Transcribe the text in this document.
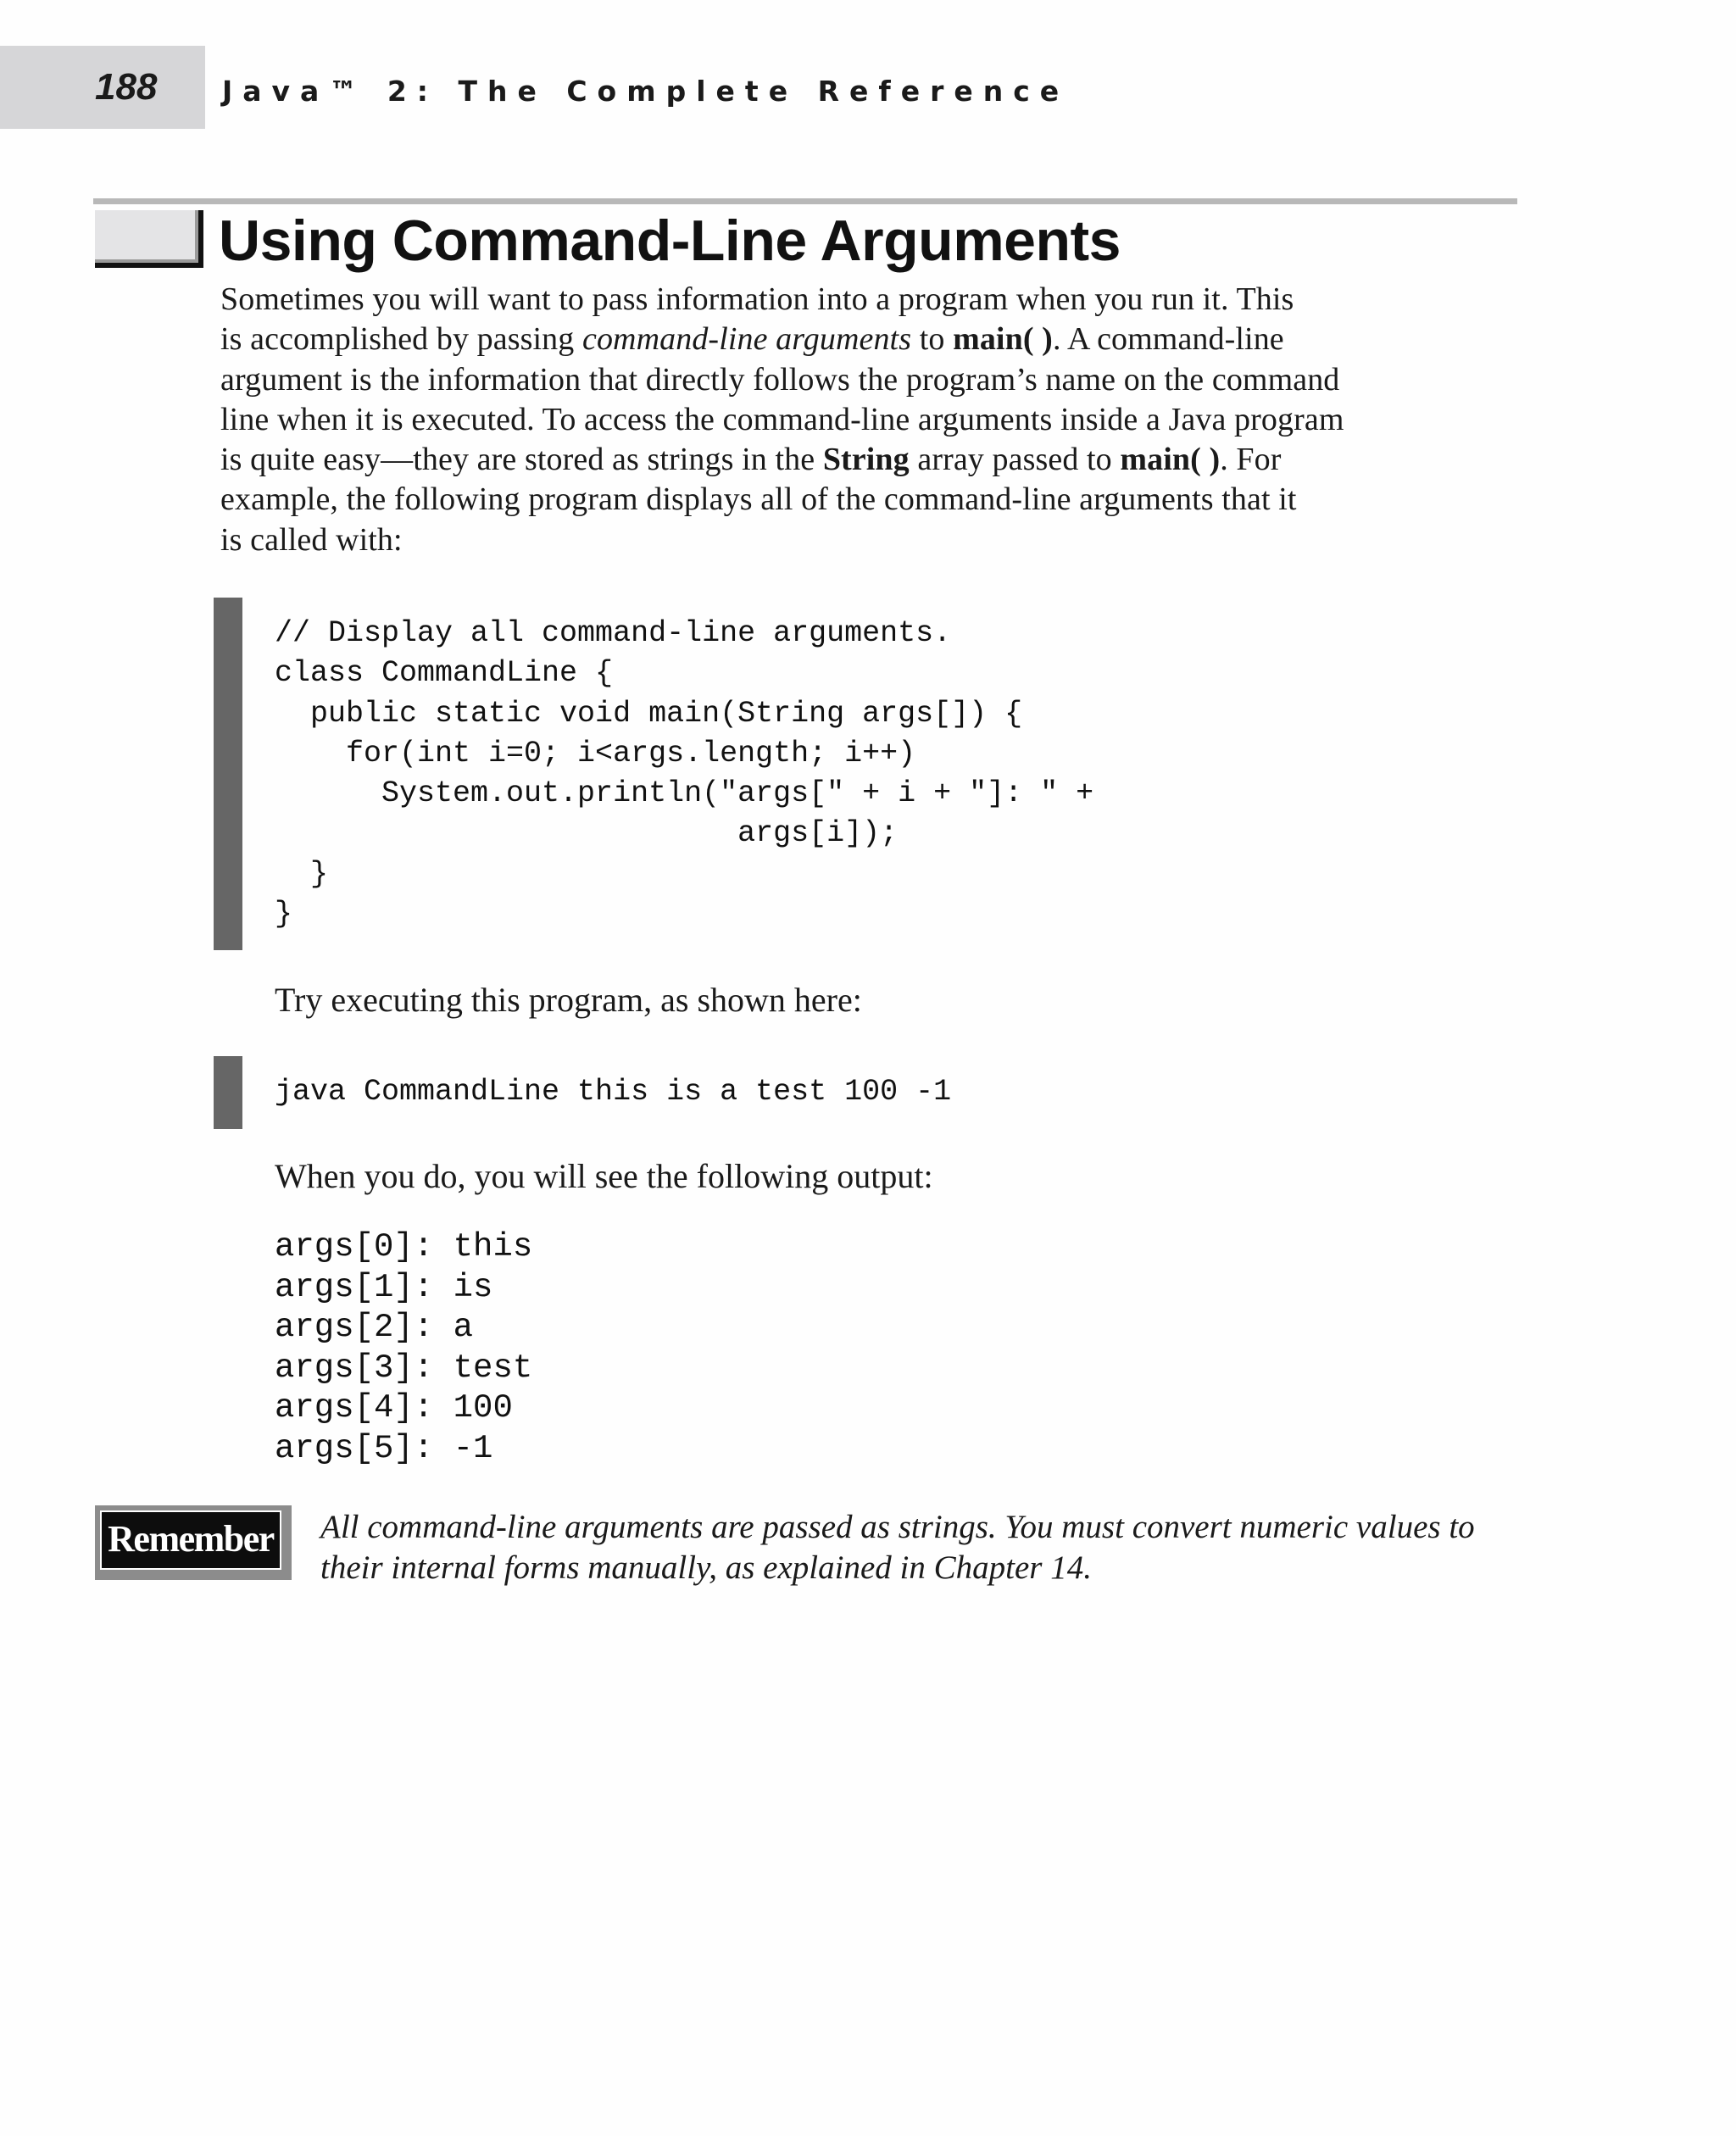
188 Java™ 2: The Complete Reference
Using Command-Line Arguments
Sometimes you will want to pass information into a program when you run it. This
is accomplished by passing command-line arguments to main( ). A command-line
argument is the information that directly follows the program’s name on the command
line when it is executed. To access the command-line arguments inside a Java program
is quite easy—they are stored as strings in the String array passed to main( ). For
example, the following program displays all of the command-line arguments that it
is called with:
// Display all command-line arguments.
class CommandLine {
public static void main(String args[]) {
for(int i=0; i<args.length; i++)
System.out.println("args[" + i + "]: " +
args[i]);
}
}
Try executing this program, as shown here:
java CommandLine this is a test 100 -1
When you do, you will see the following output:
args[0]: this
args[1]: is
args[2]: a
args[3]: test
args[4]: 100
args[5]: -1
Remember All command-line arguments are passed as strings. You must convert numeric values to
their internal forms manually, as explained in Chapter 14.
